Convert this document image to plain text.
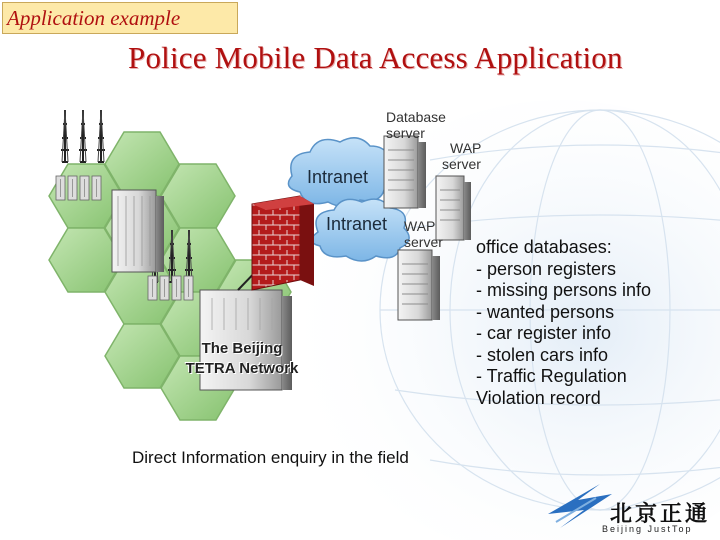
Application example
Police Mobile Data Access Application
Database
server
WAP
server
Intranet
Intranet WAP
server
The Beijing
TETRA Network
office databases:
- person registers
- missing persons info
- wanted persons
- car register info
- stolen cars info
- Traffic Regulation
Violation record
Direct Information enquiry in the field
北京正通
Beijing JustTop
